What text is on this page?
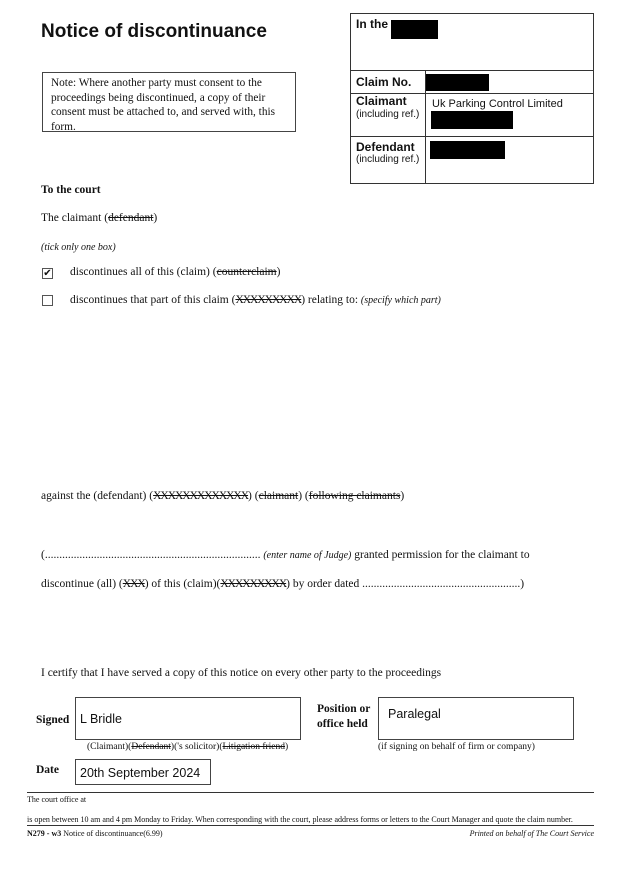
Notice of discontinuance
Note: Where another party must consent to the proceedings being discontinued, a copy of their consent must be attached to, and served with, this form.
In the
Claim No.
Claimant
(including ref.)
Uk Parking Control Limited
Defendant
(including ref.)
To the court
The claimant (defendant)
(tick only one box)
✔ discontinues all of this (claim) (counterclaim)
discontinues that part of this claim (XXXXXXXXX) relating to: (specify which part)
against the (defendant) (XXXXXXXXXXXXX) (claimant) (following claimants)
(........................................................................... (enter name of Judge) granted permission for the claimant to
discontinue (all) (XXX) of this (claim)(XXXXXXXXX) by order dated .......................................................)
I certify that I have served a copy of this notice on every other party to the proceedings
Signed L Bridle
Position or
office held
Paralegal
(Claimant)(Defendant)('s solicitor)(Litigation friend)	(if signing on behalf of firm or company)
Date	20th September 2024
The court office at
is open between 10 am and 4 pm Monday to Friday. When corresponding with the court, please address forms or letters to the Court Manager and quote the claim number.
N279 - w3 Notice of discontinuance(6.99)	Printed on behalf of The Court Service
